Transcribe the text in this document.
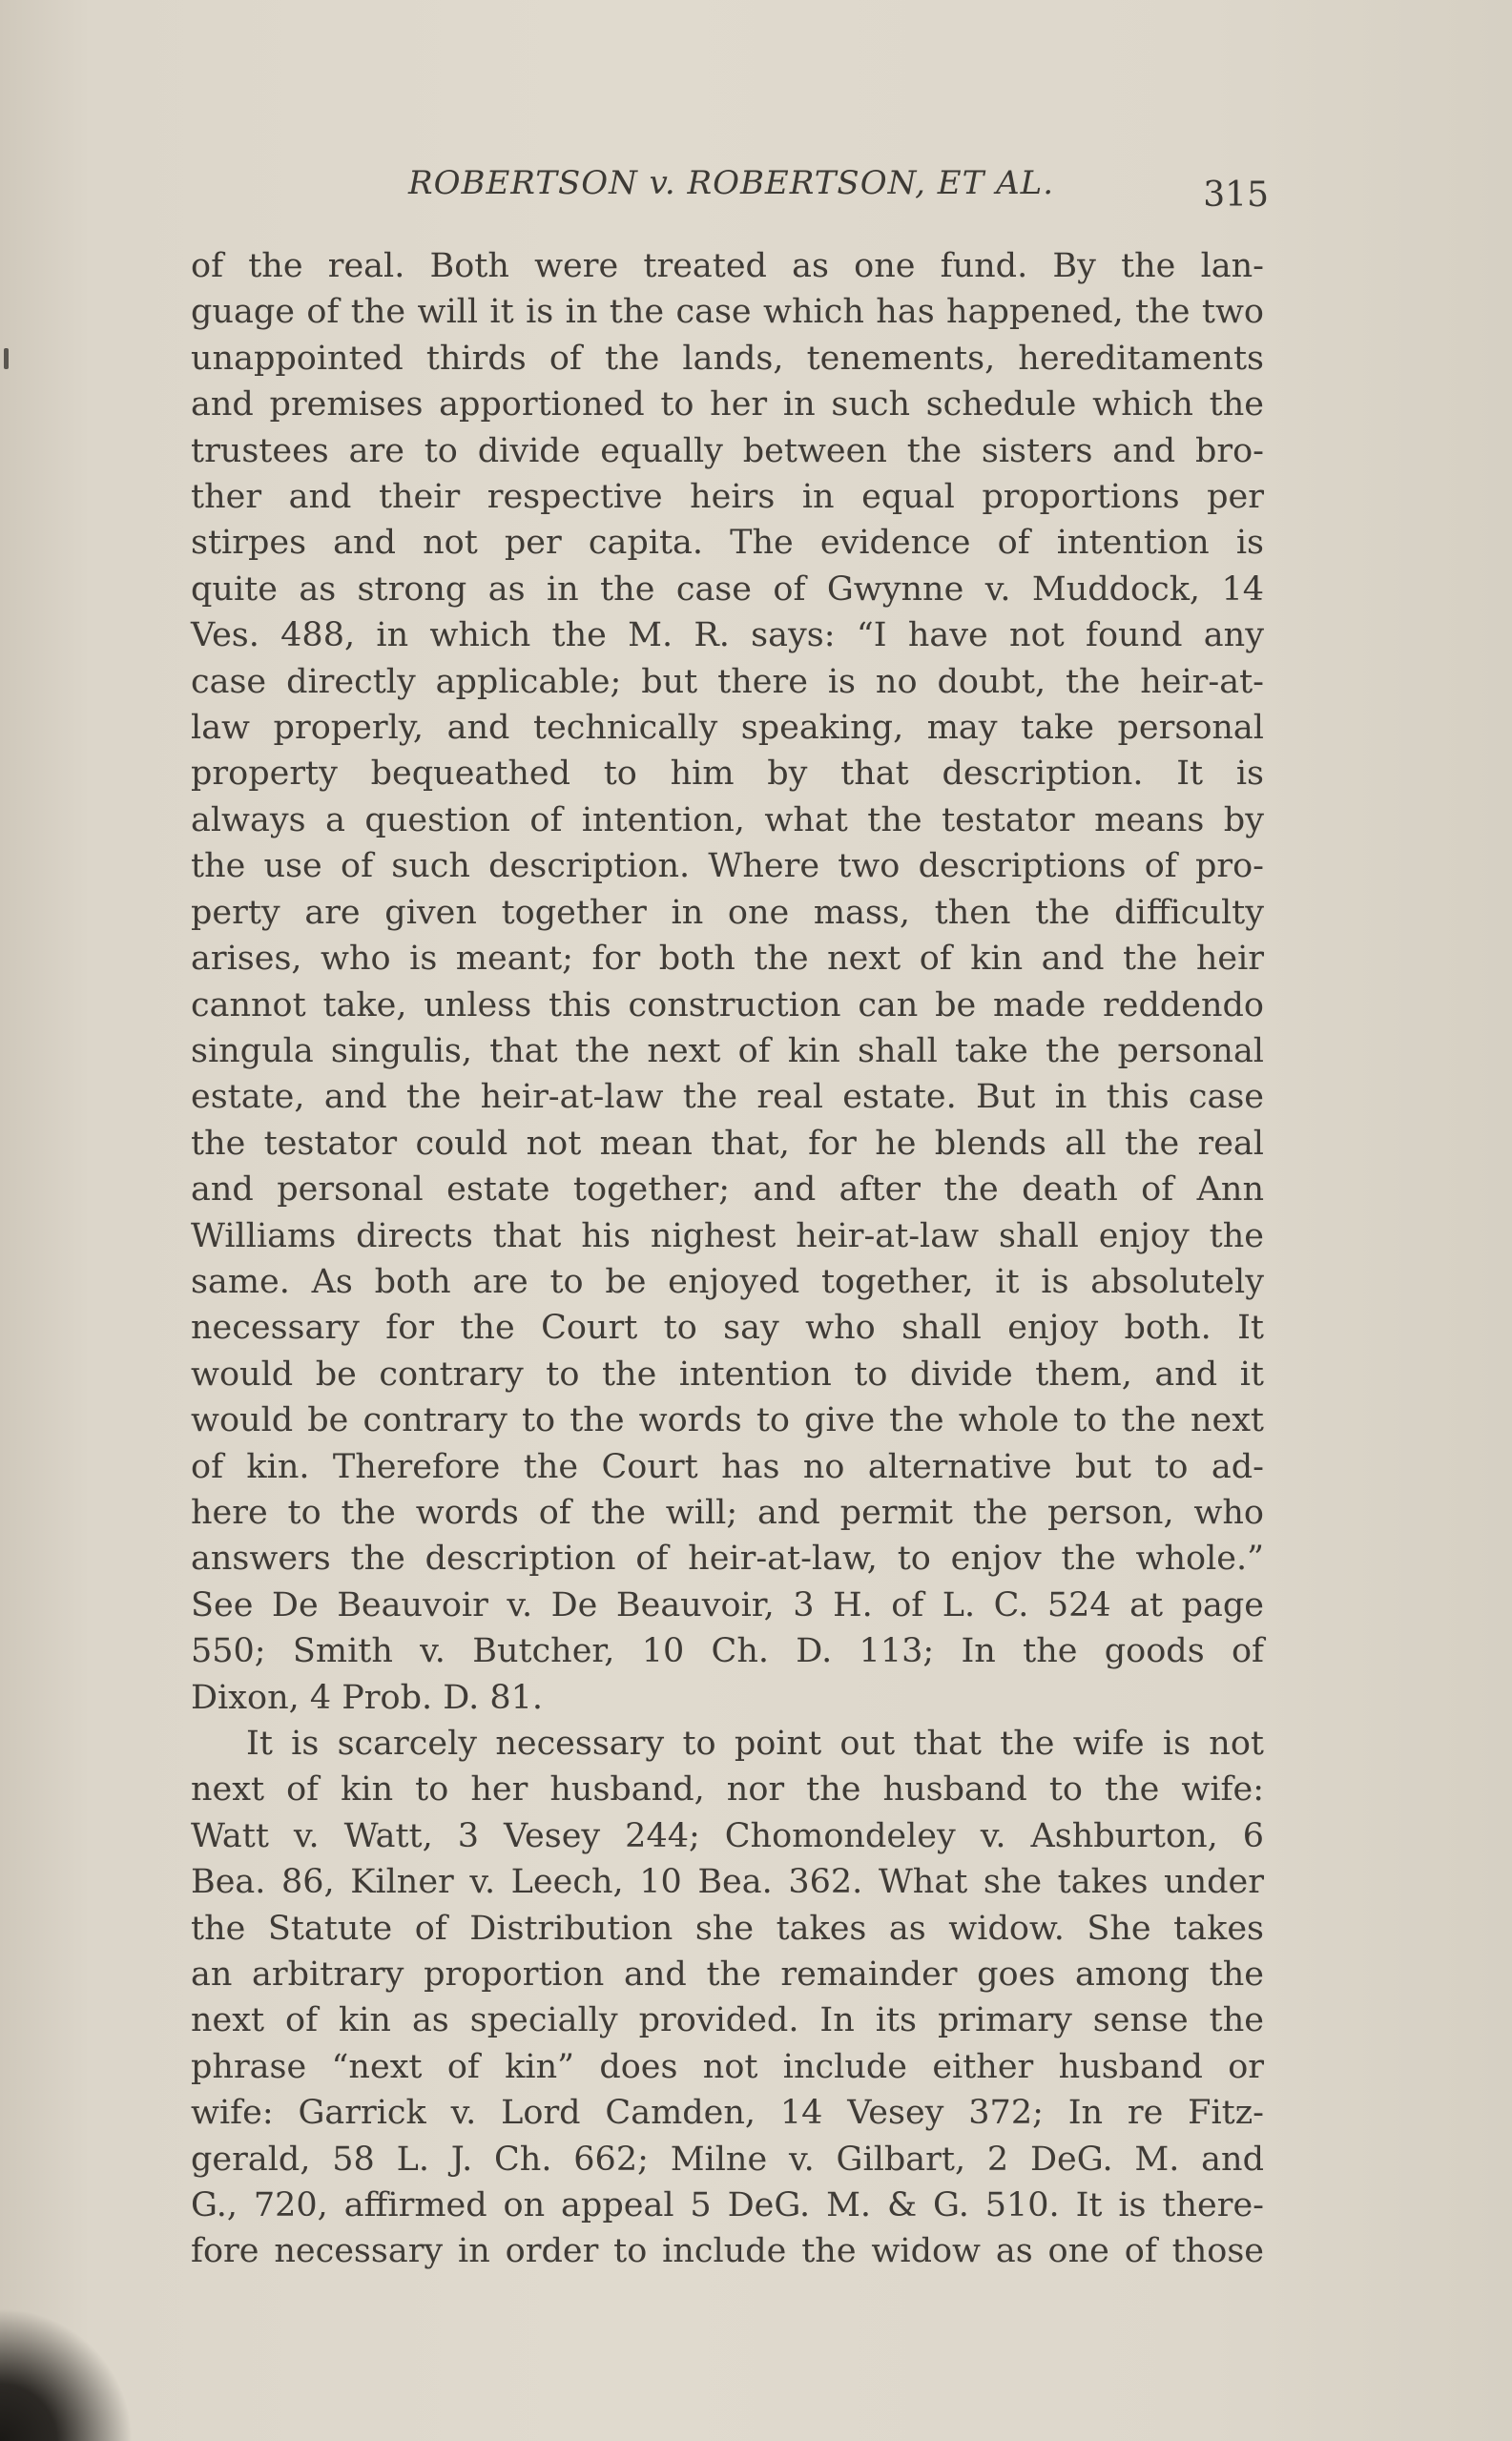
ROBERTSON v. ROBERTSON, ET AL.	315
of the real. Both were treated as one fund. By the lan-
guage of the will it is in the case which has happened, the two
unappointed thirds of the lands, tenements, hereditaments
and premises apportioned to her in such schedule which the
trustees are to divide equally between the sisters and bro-
ther and their respective heirs in equal proportions per
stirpes and not per capita. The evidence of intention is
quite as strong as in the case of Gwynne v. Muddock, 14
Ves. 488, in which the M. R. says: “I have not found any
case directly applicable; but there is no doubt, the heir-at-
law properly, and technically speaking, may take personal
property bequeathed to him by that description. It is
always a question of intention, what the testator means by
the use of such description. Where two descriptions of pro-
perty are given together in one mass, then the difficulty
arises, who is meant; for both the next of kin and the heir
cannot take, unless this construction can be made reddendo
singula singulis, that the next of kin shall take the personal
estate, and the heir-at-law the real estate. But in this case
the testator could not mean that, for he blends all the real
and personal estate together; and after the death of Ann
Williams directs that his nighest heir-at-law shall enjoy the
same. As both are to be enjoyed together, it is absolutely
necessary for the Court to say who shall enjoy both. It
would be contrary to the intention to divide them, and it
would be contrary to the words to give the whole to the next
of kin. Therefore the Court has no alternative but to ad-
here to the words of the will; and permit the person, who
answers the description of heir-at-law, to enjov the whole.”
See De Beauvoir v. De Beauvoir, 3 H. of L. C. 524 at page
550; Smith v. Butcher, 10 Ch. D. 113; In the goods of
Dixon, 4 Prob. D. 81.
It is scarcely necessary to point out that the wife is not
next of kin to her husband, nor the husband to the wife:
Watt v. Watt, 3 Vesey 244; Chomondeley v. Ashburton, 6
Bea. 86, Kilner v. Leech, 10 Bea. 362. What she takes under
the Statute of Distribution she takes as widow. She takes
an arbitrary proportion and the remainder goes among the
next of kin as specially provided. In its primary sense the
phrase “next of kin” does not include either husband or
wife: Garrick v. Lord Camden, 14 Vesey 372; In re Fitz-
gerald, 58 L. J. Ch. 662; Milne v. Gilbart, 2 DeG. M. and
G., 720, affirmed on appeal 5 DeG. M. & G. 510. It is there-
fore necessary in order to include the widow as one of those
